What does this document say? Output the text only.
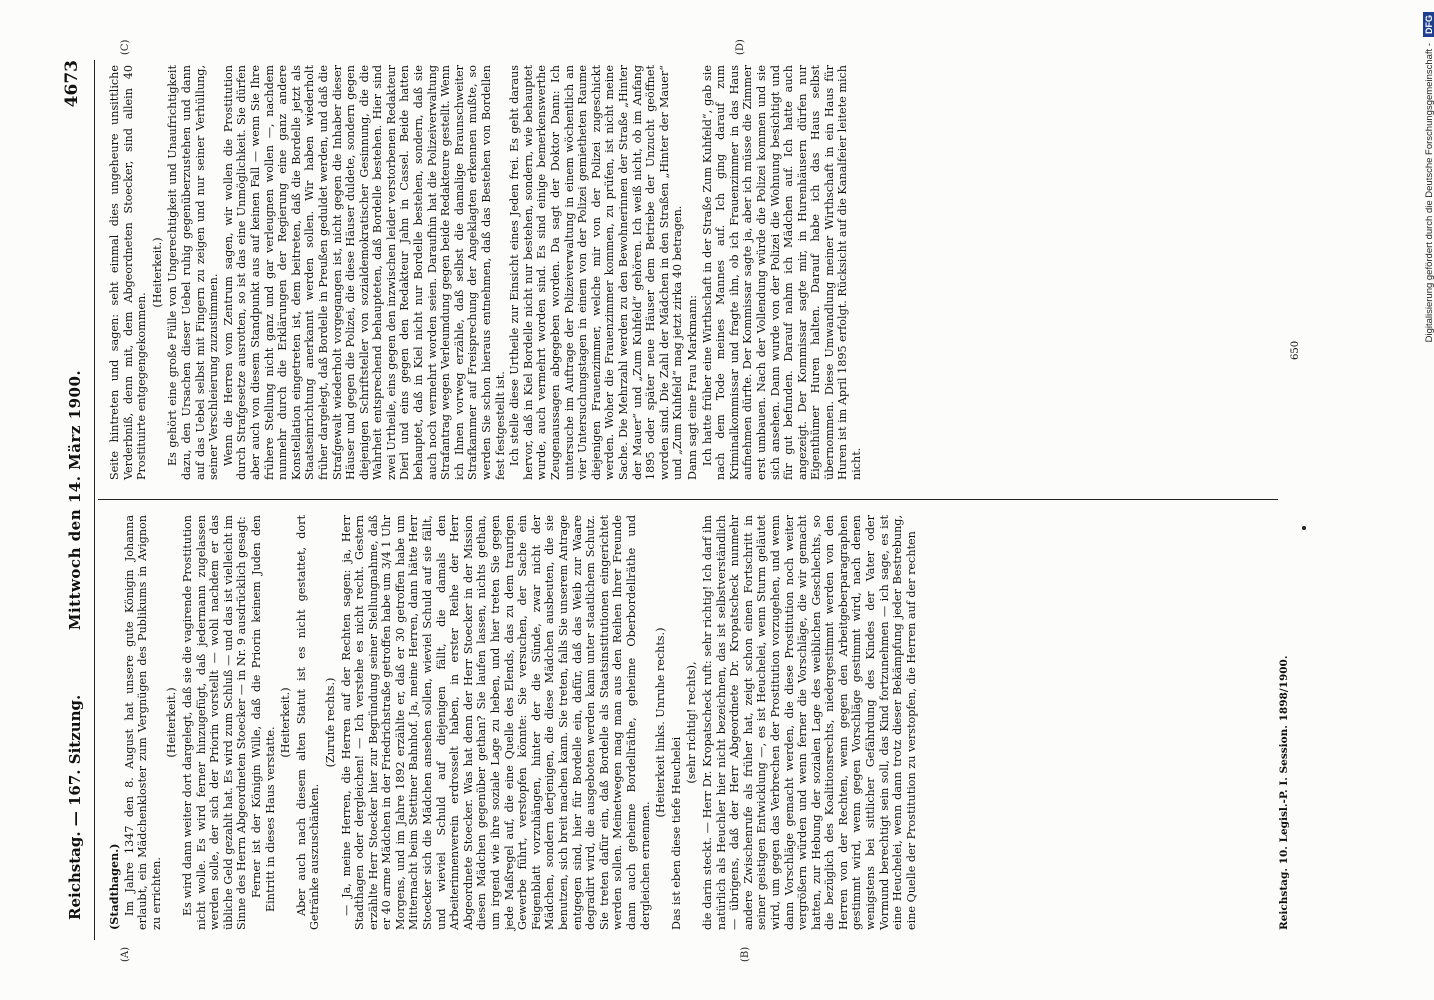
Reichstag. — 167. Sitzung.
Mittwoch den 14. März 1900.
4673
(A)	(B)
(C)	(D)

(Stadthagen.) Im Jahre 1347 den 8. August hat unsere gute Königin Johanna erlaubt, ein Mädchenkloster zum Vergnügen des Publikums in Avignon zu errichten.

(Heiterkeit.) Es wird dann weiter dort dargelegt, daß sie die vagirende Prostitution nicht wolle. Es wird ferner hinzugefügt, daß jedermann zugelassen werden solle, der sich der Priorin vorstellt — wohl nachdem er das übliche Geld gezahlt hat. Es wird zum Schluß — und das ist vielleicht im Sinne des Herrn Abgeordneten Stoecker — in Nr. 9 ausdrücklich gesagt: Ferner ist der Königin Wille, daß die Priorin keinem Juden den Eintritt in dieses Haus verstatte.

(Heiterkeit.) Aber auch nach diesem alten Statut ist es nicht gestattet, dort Getränke auszuschänken.

(Zurufe rechts.) — Ja, meine Herren, die Herren auf der Rechten sagen: ja, Herr Stadthagen oder dergleichen! — Ich verstehe es nicht recht. Gestern erzählte Herr Stoecker hier zur Begründung seiner Stellungnahme, daß er 40 arme Mädchen in der Friedrichstraße getroffen habe um 3/4 1 Uhr Morgens, und im Jahre 1892 erzählte er, daß er 30 getroffen habe um Mitternacht beim Stettiner Bahnhof. Ja, meine Herren, dann hätte Herr Stoecker sich die Mädchen ansehen sollen, wieviel Schuld auf sie fällt, und wieviel Schuld auf diejenigen fällt, die damals den Arbeiterinnenverein erdrosselt haben, in erster Reihe der Herr Abgeordnete Stoecker. Was hat denn der Herr Stoecker in der Mission diesen Mädchen gegenüber gethan? Sie laufen lassen, nichts gethan, um irgend wie ihre soziale Lage zu heben, und hier treten Sie gegen jede Maßregel auf, die eine Quelle des Elends, das zu dem traurigen Gewerbe führt, verstopfen könnte: Sie versuchen, der Sache ein Feigenblatt vorzuhängen, hinter der die Sünde, zwar nicht der Mädchen, sondern derjenigen, die diese Mädchen ausbeuten, die sie benutzen, sich breit machen kann. Sie treten, falls Sie unserem Antrage entgegen sind, hier für Bordelle ein, dafür, daß das Weib zur Waare degradirt wird, die ausgeboten werden kann unter staatlichem Schutz. Sie treten dafür ein, daß Bordelle als Staatsinstitutionen eingerichtet werden sollen. Meinetwegen mag man aus den Reihen Ihrer Freunde dann auch geheime Bordellräthe, geheime Oberbordellräthe und dergleichen ernennen.

(Heiterkeit links. Unruhe rechts.)

Das ist eben diese tiefe Heuchelei

(sehr richtig! rechts), die darin steckt. — Herr Dr. Kropatscheck ruft: sehr richtig! Ich darf ihn natürlich als Heuchler hier nicht bezeichnen, das ist selbstverständlich — übrigens, daß der Herr Abgeordnete Dr. Kropatscheck nunmehr andere Zwischenrufe als früher hat, zeigt schon einen Fortschritt in seiner geistigen Entwicklung —, es ist Heuchelei, wenn Sturm geläutet wird, um gegen das Verbrechen der Prostitution vorzugehen, und wenn dann Vorschläge gemacht werden, die diese Prostitution noch weiter vergrößern würden und wenn ferner die Vorschläge, die wir gemacht hatten, zur Hebung der sozialen Lage des weiblichen Geschlechts, so die bezüglich des Koalitionsrechts, niedergestimmt werden von den Herren von der Rechten, wenn gegen den Arbeitgeberparagraphen gestimmt wird, wenn gegen Vorschläge gestimmt wird, nach denen wenigstens bei sittlicher Gefährdung des Kindes der Vater oder Vormund berechtigt sein soll, das Kind fortzunehmen — ich sage, es ist eine Heuchelei, wenn dann trotz dieser Bekämpfung jeder Bestrebung, eine Quelle der Prostitution zu verstopfen, die Herren auf der rechten

Seite hintreten und sagen: seht einmal dies ungeheure unsittliche Verderbniß, denn mit, dem Abgeordneten Stoecker, sind allein 40 Prostituirte entgegengekommen.

(Heiterkeit.) Es gehört eine große Fülle von Ungerechtigkeit und Unaufrichtigkeit dazu, den Ursachen dieser Uebel ruhig gegenüberzustehen und dann auf das Uebel selbst mit Fingern zu zeigen und nur seiner Verhüllung, seiner Verschleierung zuzustimmen. Wenn die Herren vom Zentrum sagen, wir wollen die Prostitution durch Strafgesetze ausrotten, so ist das eine Unmöglichkeit. Sie dürfen aber auch von diesem Standpunkt aus auf keinen Fall — wenn Sie Ihre frühere Stellung nicht ganz und gar verleugnen wollen —, nachdem nunmehr durch die Erklärungen der Regierung eine ganz andere Konstellation eingetreten ist, dem beitreten, daß die Bordelle jetzt als Staatseinrichtung anerkannt werden sollen. Wir haben wiederholt früher dargelegt, daß Bordelle in Preußen geduldet werden, und daß die Strafgewalt wiederholt vorgegangen ist, nicht gegen die Inhaber dieser Häuser und gegen die Polizei, die diese Häuser duldete, sondern gegen diejenigen Schriftsteller von sozialdemokratischer Gesinnung, die die Wahrheit entsprechend behaupteten, daß Bordelle bestehen. Hier sind zwei Urtheile, eins gegen den inzwischen leider verstorbenen Redakteur Dierl und eins gegen den Redakteur Jahn in Cassel. Beide hatten behauptet, daß in Kiel nicht nur Bordelle bestehen, sondern, daß sie auch noch vermehrt worden seien. Daraufhin hat die Polizeiverwaltung Strafantrag wegen Verleumdung gegen beide Redakteure gestellt. Wenn ich Ihnen vorweg erzähle, daß selbst die damalige Braunschweiter Strafkammer auf Freisprechung der Angeklagten erkennen mußte, so werden Sie schon hieraus entnehmen, daß das Bestehen von Bordellen fest festgestellt ist. Ich stelle diese Urtheile zur Einsicht eines Jeden frei. Es geht daraus hervor, daß in Kiel Bordelle nicht nur bestehen, sondern, wie behauptet wurde, auch vermehrt worden sind. Es sind einige bemerkenswerthe Zeugenaussagen abgegeben worden. Da sagt der Doktor Dann: Ich untersuche im Auftrage der Polizeiverwaltung in einem wöchentlich an vier Untersuchungstagen in einem von der Polizei gemietheten Raume diejenigen Frauenzimmer, welche mir von der Polizei zugeschickt werden. Woher die Frauenzimmer kommen, zu prüfen, ist nicht meine Sache. Die Mehrzahl werden zu den Bewohnerinnen der Straße „Hinter der Mauer“ und „Zum Kuhfeld“ gehören. Ich weiß nicht, ob im Anfang 1895 oder später neue Häuser dem Betriebe der Unzucht geöffnet worden sind. Die Zahl der Mädchen in den Straßen „Hinter der Mauer“ und „Zum Kuhfeld“ mag jetzt zirka 40 betragen. Dann sagt eine Frau Markmann: Ich hatte früher eine Wirthschaft in der Straße Zum Kuhfeld“, gab sie nach dem Tode meines Mannes auf. Ich ging darauf zum Kriminalkommissar und fragte ihn, ob ich Frauenzimmer in das Haus aufnehmen dürfte. Der Kommissar sagte ja, aber ich müsse die Zimmer erst umbauen. Nach der Vollendung würde die Polizei kommen und sie sich ansehen. Dann wurde von der Polizei die Wohnung besichtigt und für gut befunden. Darauf nahm ich Mädchen auf. Ich hatte auch angezeigt. Der Kommissar sagte mir, in Hurenhäusern dürfen nur Eigenthümer Huren halten. Darauf habe ich das Haus selbst übernommen. Diese Umwandlung meiner Wirthschaft in ein Haus für Huren ist im April 1895 erfolgt. Rücksicht auf die Kanalfeier leitete mich nicht.

Reichstag. 10. Legisl.-P. I. Session. 1898/1900.
650
Digitalisierung gefördert durch die Deutsche Forschungsgemeinschaft -
DFG
